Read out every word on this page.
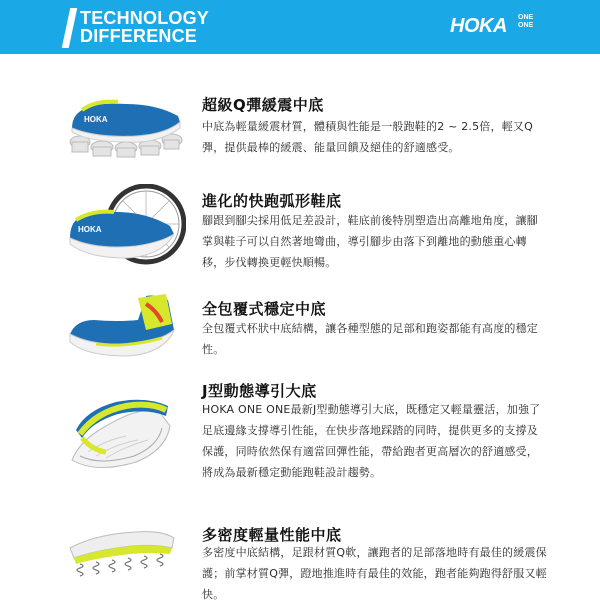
TECHNOLOGY
DIFFERENCE	HOKA ONE
ONE
HOKA
超級Q彈緩震中底

中底為輕量緩震材質，體積與性能是一般跑鞋的2 ~ 2.5倍，輕又Q彈，提供最棒的緩震、能量回饋及絕佳的舒適感受。

HOKA
進化的快跑弧形鞋底

腳跟到腳尖採用低足差設計，鞋底前後特別塑造出高離地角度，讓腳掌與鞋子可以自然著地彎曲，導引腳步由落下到離地的動態重心轉移，步伐轉換更輕快順暢。

全包覆式穩定中底

全包覆式杯狀中底結構，讓各種型態的足部和跑姿都能有高度的穩定性。

J型動態導引大底

HOKA ONE ONE最新J型動態導引大底，既穩定又輕量靈活，加強了足底邊緣支撐導引性能，在快步落地踩踏的同時，提供更多的支撐及保護，同時依然保有適當回彈性能，帶給跑者更高層次的舒適感受，將成為最新穩定動能跑鞋設計趨勢。

多密度輕量性能中底

多密度中底結構，足跟材質Q軟，讓跑者的足部落地時有最佳的緩震保護；前掌材質Q彈，蹬地推進時有最佳的效能，跑者能夠跑得舒服又輕快。
